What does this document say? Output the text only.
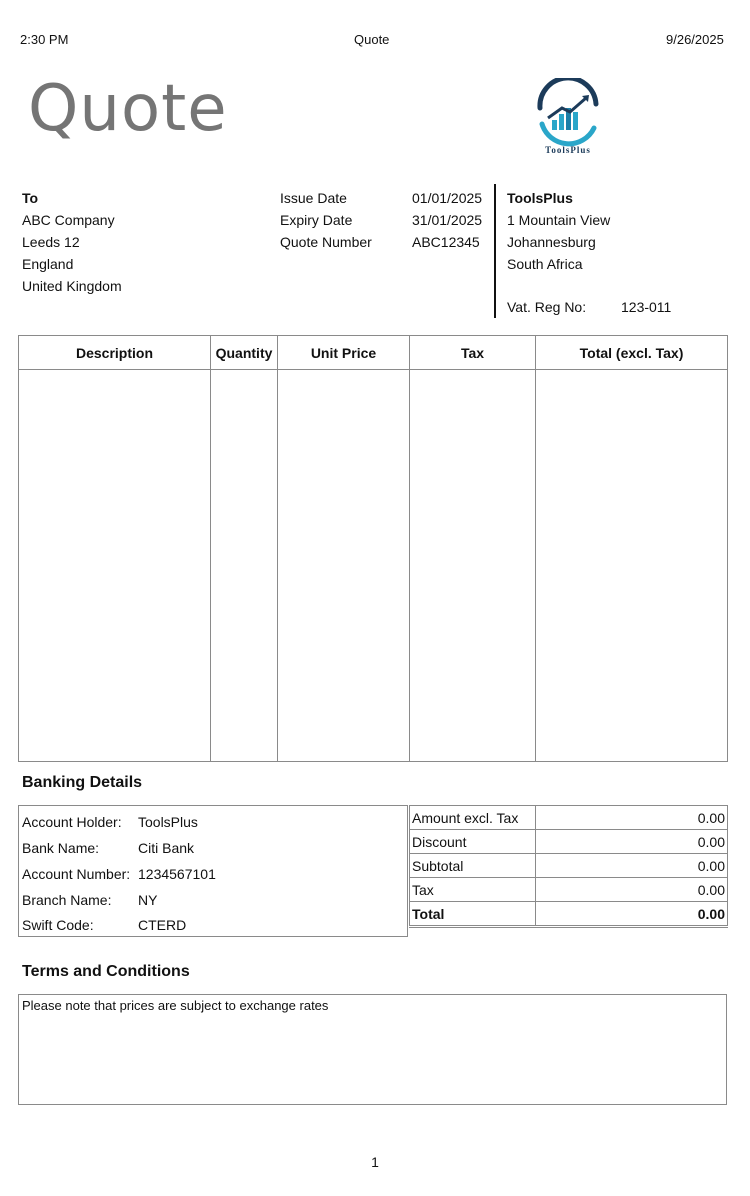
2:30 PM	Quote	9/26/2025
Quote
ToolsPlus
To
ABC Company
Leeds 12
England
United Kingdom
Issue Date	01/01/2025
Expiry Date	31/01/2025
Quote Number	ABC12345
ToolsPlus
1 Mountain View
Johannesburg
South Africa
Vat. Reg No: 123-011
Description	Quantity	Unit Price	Tax	Total (excl. Tax)

Banking Details
Account Holder: ToolsPlus
Bank Name:	Citi Bank
Account Number: 1234567101
Branch Name: NY
Swift Code:	CTERD
Amount excl. Tax	0.00
Discount	0.00
Subtotal	0.00
Tax	0.00
Total	0.00
Terms and Conditions
Please note that prices are subject to exchange rates
1
